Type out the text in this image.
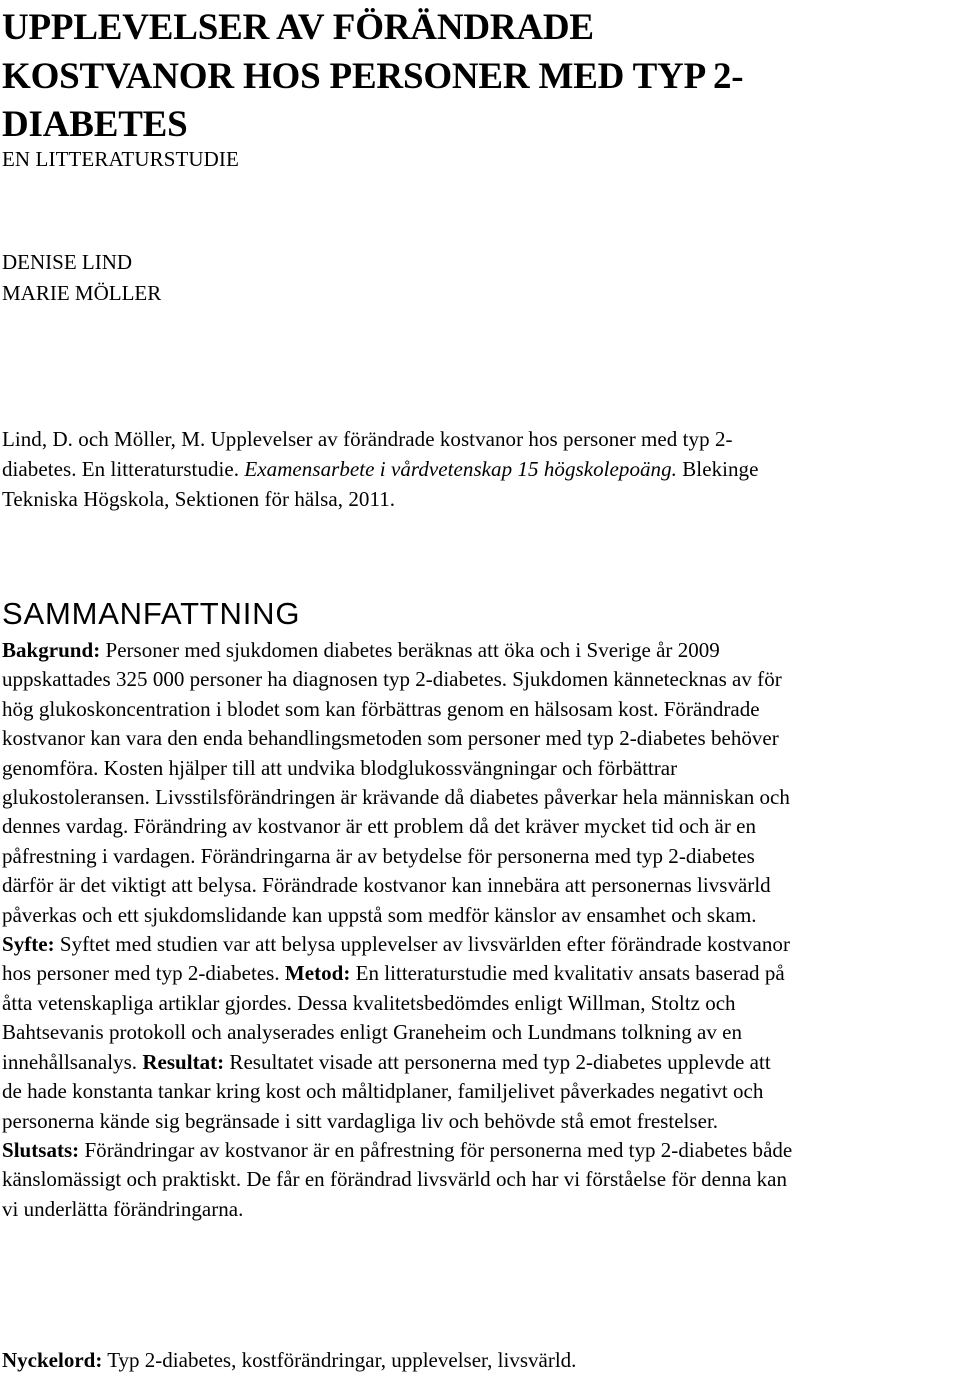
UPPLEVELSER AV FÖRÄNDRADE
KOSTVANOR HOS PERSONER MED TYP 2-
DIABETES
EN LITTERATURSTUDIE
DENISE LIND
MARIE MÖLLER
Lind, D. och Möller, M. Upplevelser av förändrade kostvanor hos personer med typ 2-
diabetes. En litteraturstudie. Examensarbete i vårdvetenskap 15 högskolepoäng. Blekinge
Tekniska Högskola, Sektionen för hälsa, 2011.
SAMMANFATTNING
Bakgrund: Personer med sjukdomen diabetes beräknas att öka och i Sverige år 2009
uppskattades 325 000 personer ha diagnosen typ 2-diabetes. Sjukdomen kännetecknas av för
hög glukoskoncentration i blodet som kan förbättras genom en hälsosam kost. Förändrade
kostvanor kan vara den enda behandlingsmetoden som personer med typ 2-diabetes behöver
genomföra. Kosten hjälper till att undvika blodglukossvängningar och förbättrar
glukostoleransen. Livsstilsförändringen är krävande då diabetes påverkar hela människan och
dennes vardag. Förändring av kostvanor är ett problem då det kräver mycket tid och är en
påfrestning i vardagen. Förändringarna är av betydelse för personerna med typ 2-diabetes
därför är det viktigt att belysa. Förändrade kostvanor kan innebära att personernas livsvärld
påverkas och ett sjukdomslidande kan uppstå som medför känslor av ensamhet och skam.
Syfte: Syftet med studien var att belysa upplevelser av livsvärlden efter förändrade kostvanor
hos personer med typ 2-diabetes. Metod: En litteraturstudie med kvalitativ ansats baserad på
åtta vetenskapliga artiklar gjordes. Dessa kvalitetsbedömdes enligt Willman, Stoltz och
Bahtsevanis protokoll och analyserades enligt Graneheim och Lundmans tolkning av en
innehållsanalys. Resultat: Resultatet visade att personerna med typ 2-diabetes upplevde att
de hade konstanta tankar kring kost och måltidplaner, familjelivet påverkades negativt och
personerna kände sig begränsade i sitt vardagliga liv och behövde stå emot frestelser.
Slutsats: Förändringar av kostvanor är en påfrestning för personerna med typ 2-diabetes både
känslomässigt och praktiskt. De får en förändrad livsvärld och har vi förståelse för denna kan
vi underlätta förändringarna.
Nyckelord: Typ 2-diabetes, kostförändringar, upplevelser, livsvärld.
